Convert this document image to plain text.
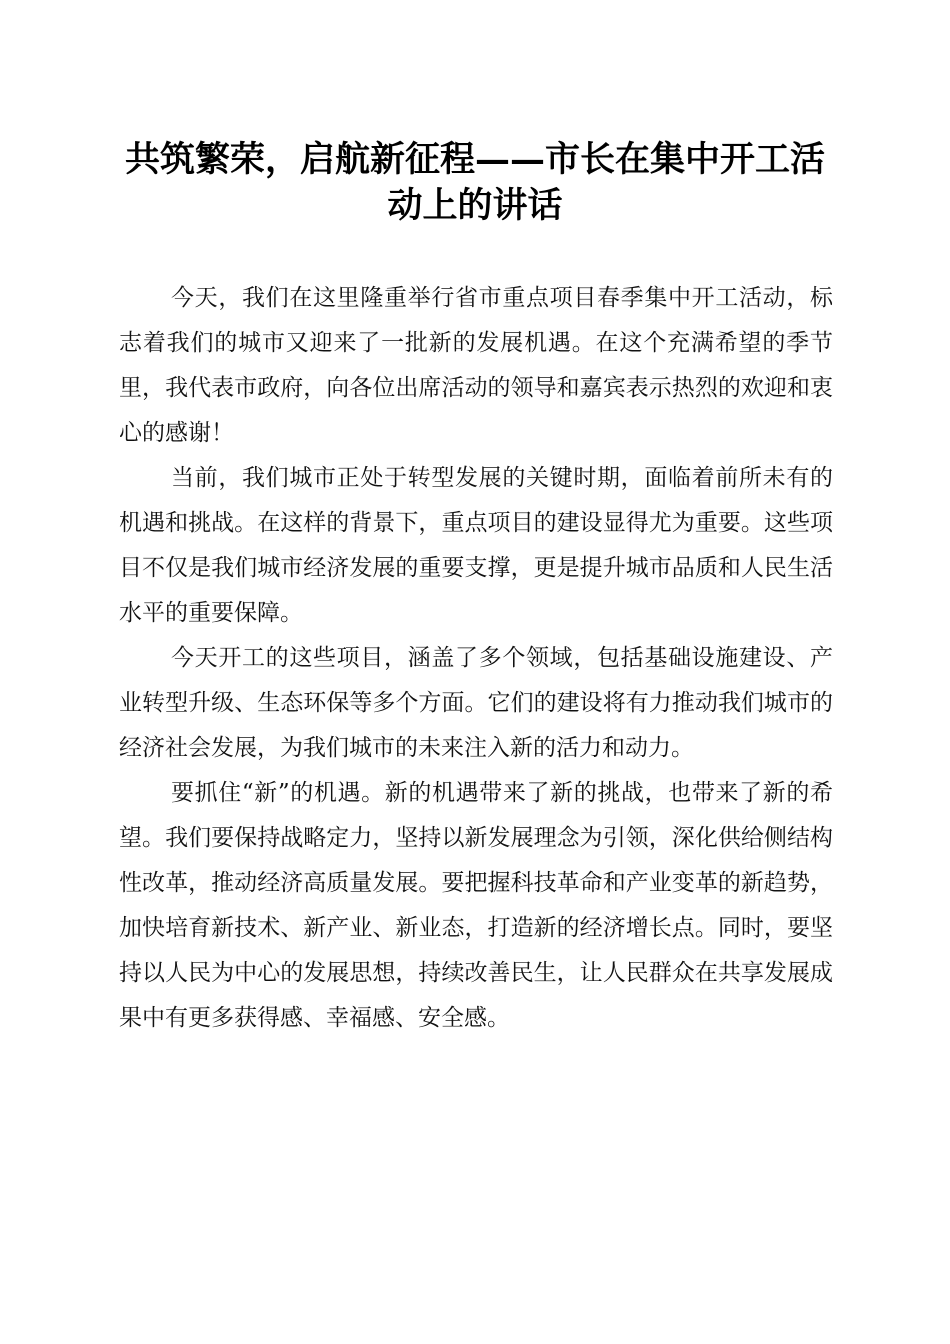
共筑繁荣，启航新征程——市长在集中开工活动上的讲话

今天，我们在这里隆重举行省市重点项目春季集中开工活动，标志着我们的城市又迎来了一批新的发展机遇。在这个充满希望的季节里，我代表市政府，向各位出席活动的领导和嘉宾表示热烈的欢迎和衷心的感谢！

当前，我们城市正处于转型发展的关键时期，面临着前所未有的机遇和挑战。在这样的背景下，重点项目的建设显得尤为重要。这些项目不仅是我们城市经济发展的重要支撑，更是提升城市品质和人民生活水平的重要保障。

今天开工的这些项目，涵盖了多个领域，包括基础设施建设、产业转型升级、生态环保等多个方面。它们的建设将有力推动我们城市的经济社会发展，为我们城市的未来注入新的活力和动力。

要抓住“新”的机遇。新的机遇带来了新的挑战，也带来了新的希望。我们要保持战略定力，坚持以新发展理念为引领，深化供给侧结构性改革，推动经济高质量发展。要把握科技革命和产业变革的新趋势，加快培育新技术、新产业、新业态，打造新的经济增长点。同时，要坚持以人民为中心的发展思想，持续改善民生，让人民群众在共享发展成果中有更多获得感、幸福感、安全感。
